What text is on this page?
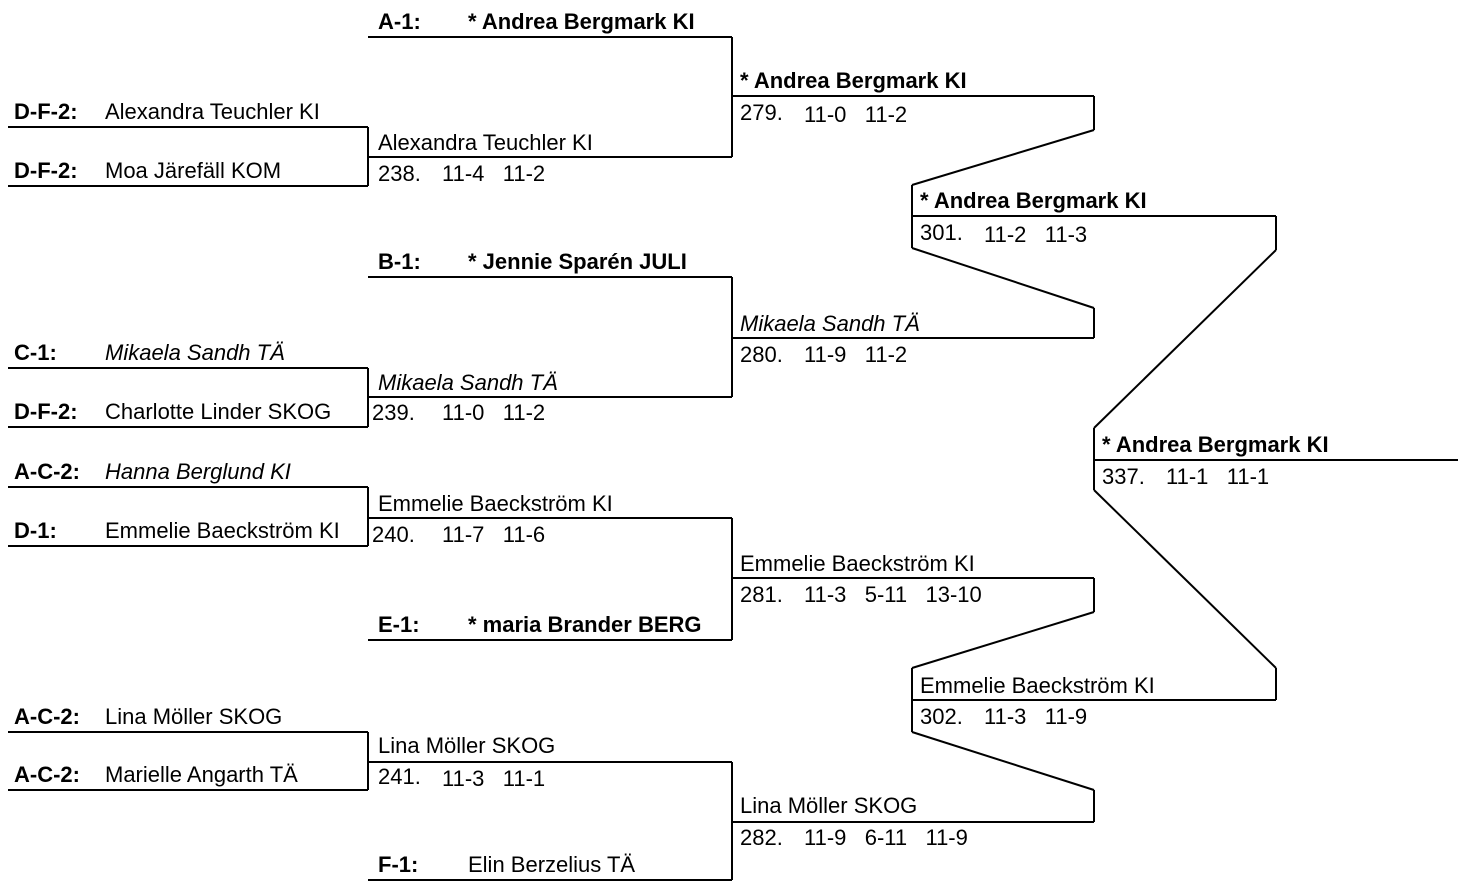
A-1: * Andrea Bergmark KI
D-F-2: Alexandra Teuchler KI
D-F-2: Moa Järefäll KOM
B-1: * Jennie Sparén JULI
C-1: Mikaela Sandh TÄ
D-F-2: Charlotte Linder SKOG
A-C-2: Hanna Berglund KI
D-1: Emmelie Baeckström KI
E-1: * maria Brander BERG
A-C-2: Lina Möller SKOG
A-C-2: Marielle Angarth TÄ
F-1: Elin Berzelius TÄ
Alexandra Teuchler KI
238. 11-4   11-2
Mikaela Sandh TÄ
239. 11-0   11-2
Emmelie Baeckström KI
240. 11-7   11-6
Lina Möller SKOG
241. 11-3   11-1
* Andrea Bergmark KI
279. 11-0   11-2
Mikaela Sandh TÄ
280. 11-9   11-2
Emmelie Baeckström KI
281. 11-3   5-11   13-10
Lina Möller SKOG
282. 11-9   6-11   11-9
* Andrea Bergmark KI
301. 11-2   11-3
Emmelie Baeckström KI
302. 11-3   11-9
* Andrea Bergmark KI
337. 11-1   11-1
